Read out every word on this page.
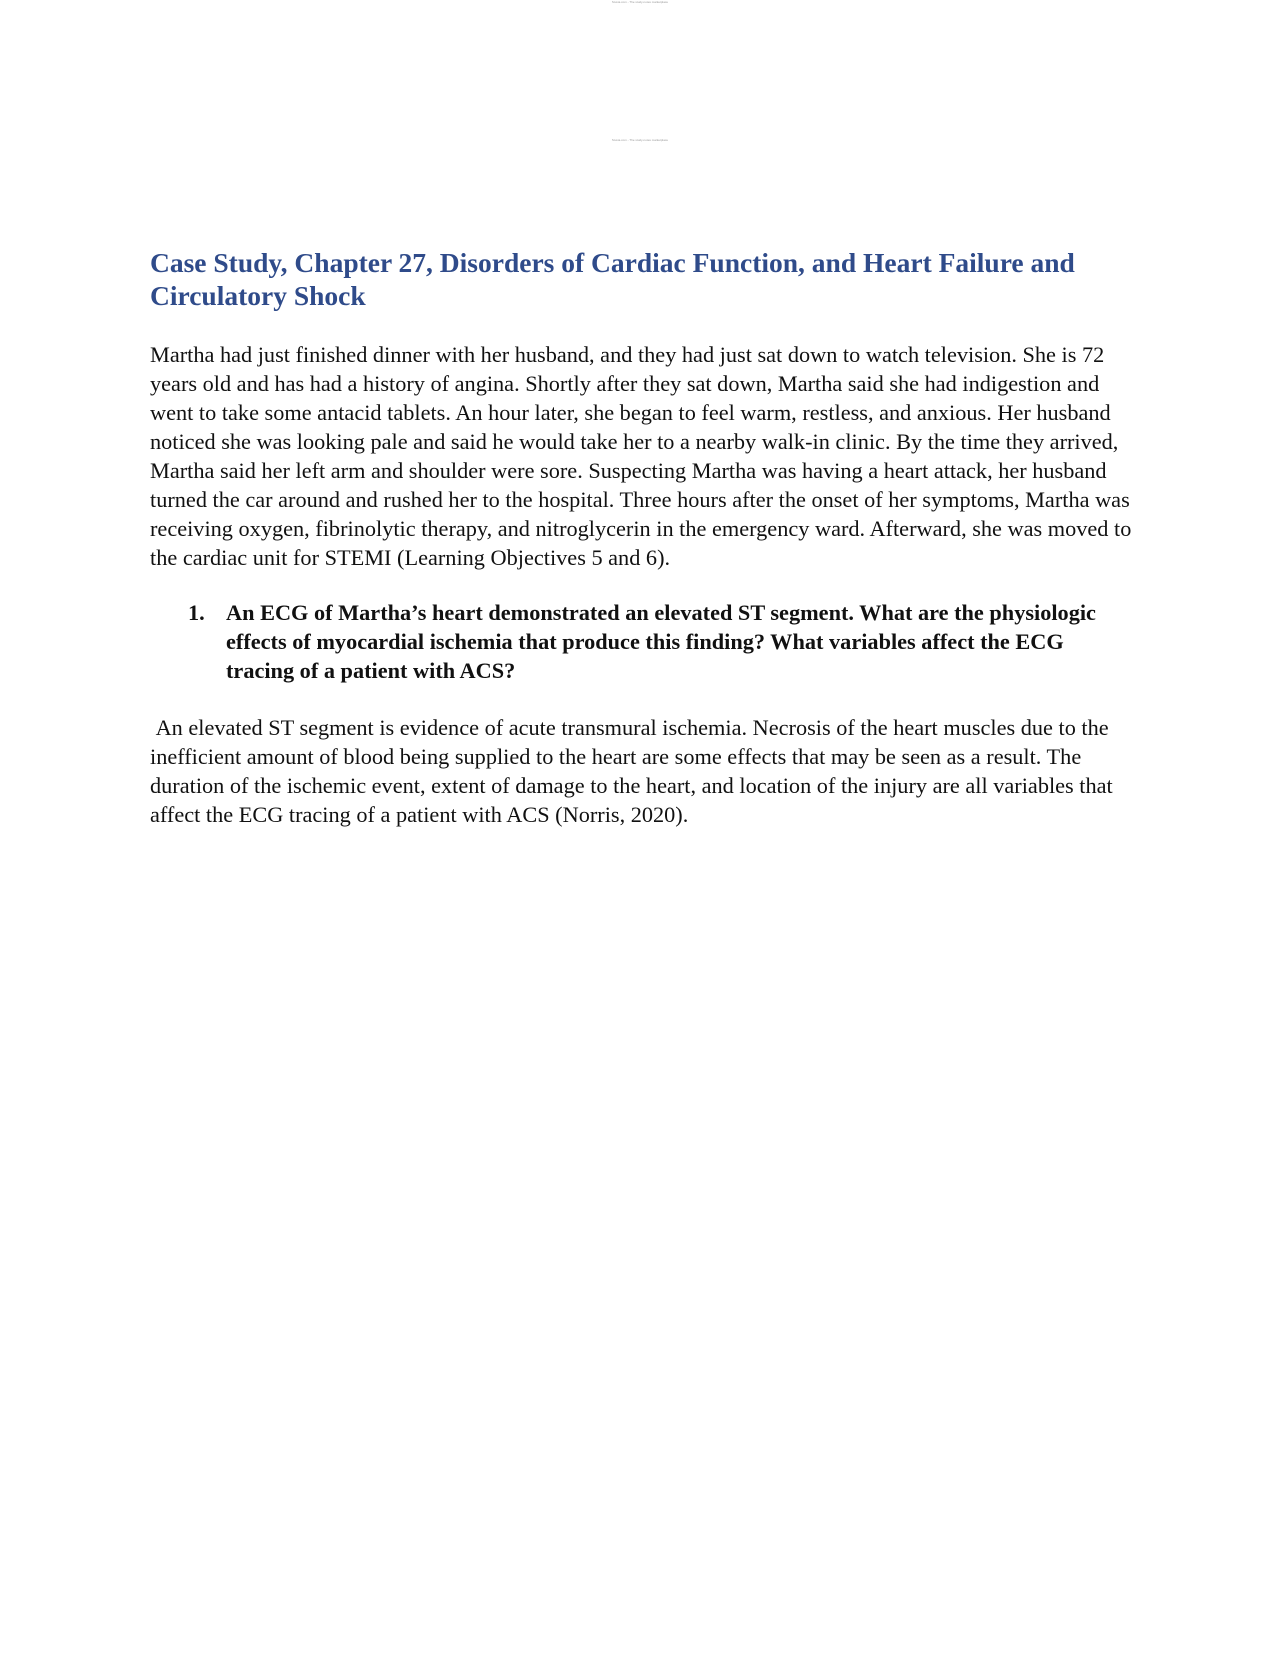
Stuvia.com - The study-notes marketplace
Stuvia.com - The study-notes marketplace
Case Study, Chapter 27, Disorders of Cardiac Function, and Heart Failure and Circulatory Shock

Martha had just finished dinner with her husband, and they had just sat down to watch television. She is 72 years old and has had a history of angina. Shortly after they sat down, Martha said she had indigestion and went to take some antacid tablets. An hour later, she began to feel warm, restless, and anxious. Her husband noticed she was looking pale and said he would take her to a nearby walk-in clinic. By the time they arrived, Martha said her left arm and shoulder were sore. Suspecting Martha was having a heart attack, her husband turned the car around and rushed her to the hospital. Three hours after the onset of her symptoms, Martha was receiving oxygen, fibrinolytic therapy, and nitroglycerin in the emergency ward. Afterward, she was moved to the cardiac unit for STEMI (Learning Objectives 5 and 6).

1. An ECG of Martha’s heart demonstrated an elevated ST segment. What are the physiologic effects of myocardial ischemia that produce this finding? What variables affect the ECG tracing of a patient with ACS?

An elevated ST segment is evidence of acute transmural ischemia. Necrosis of the heart muscles due to the inefficient amount of blood being supplied to the heart are some effects that may be seen as a result. The duration of the ischemic event, extent of damage to the heart, and location of the injury are all variables that affect the ECG tracing of a patient with ACS (Norris, 2020).
